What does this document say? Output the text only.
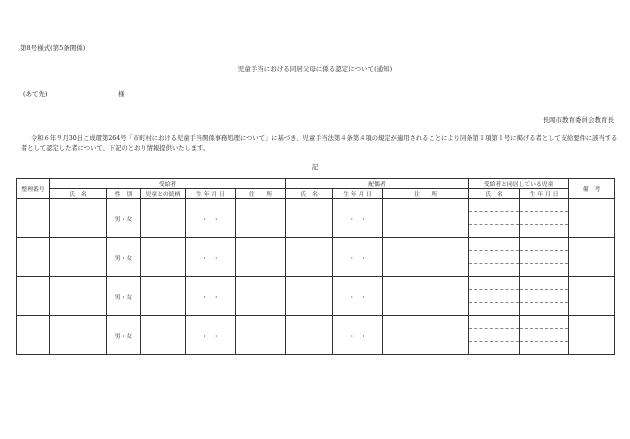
第8号様式(第5条関係)
児童手当における同居父母に係る認定について(通知)
(あて先)	様
長岡市教育委員会教育長
令和６年９月30日こ成環第264号「市町村における児童手当関係事務処理について」に基づき、児童手当法第４条第４項の規定が適用されることにより同条第１項第１号に掲げる者として支給要件に該当する者として認定した者について、下記のとおり情報提供いたします。
記
整理番号	受給者					配偶者			受給者と同居している児童		備　考
	氏　名	性　別	児童との続柄	生 年 月 日	住　　所	氏　名	生 年 月 日	住　　所	氏　名	生 年 月 日	
		男・女		・　・			・　・				

		男・女		・　・			・　・				

		男・女		・　・			・　・				

		男・女		・　・			・　・				
